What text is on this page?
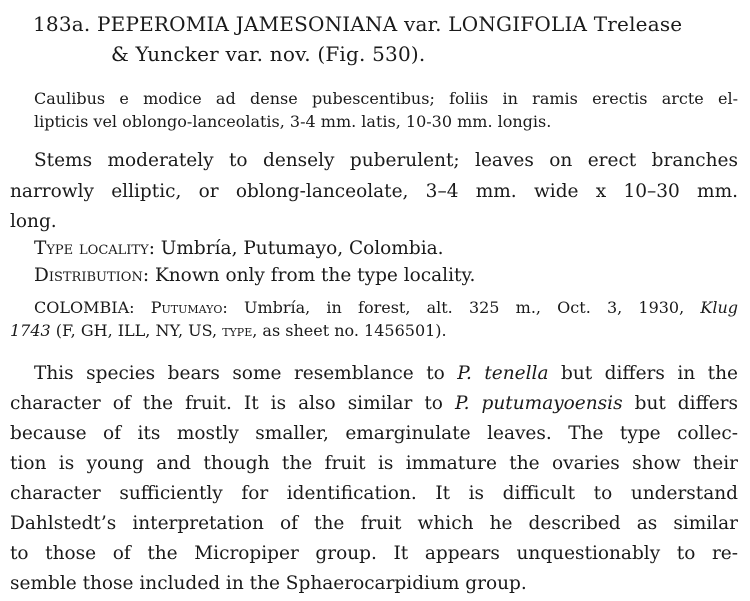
183a. PEPEROMIA JAMESONIANA var. LONGIFOLIA Trelease
& Yuncker var. nov. (Fig. 530).
Caulibus e modice ad dense pubescentibus; foliis in ramis erectis arcte el-
lipticis vel oblongo-lanceolatis, 3-4 mm. latis, 10-30 mm. longis.
Stems moderately to densely puberulent; leaves on erect branches
narrowly elliptic, or oblong-lanceolate, 3–4 mm. wide x 10–30 mm.
long.
Type locality: Umbría, Putumayo, Colombia.
Distribution: Known only from the type locality.
COLOMBIA: Putumayo: Umbría, in forest, alt. 325 m., Oct. 3, 1930, Klug
1743 (F, GH, ILL, NY, US, type, as sheet no. 1456501).
This species bears some resemblance to P. tenella but differs in the
character of the fruit. It is also similar to P. putumayoensis but differs
because of its mostly smaller, emarginulate leaves. The type collec-
tion is young and though the fruit is immature the ovaries show their
character sufficiently for identification. It is difficult to understand
Dahlstedt’s interpretation of the fruit which he described as similar
to those of the Micropiper group. It appears unquestionably to re-
semble those included in the Sphaerocarpidium group.
